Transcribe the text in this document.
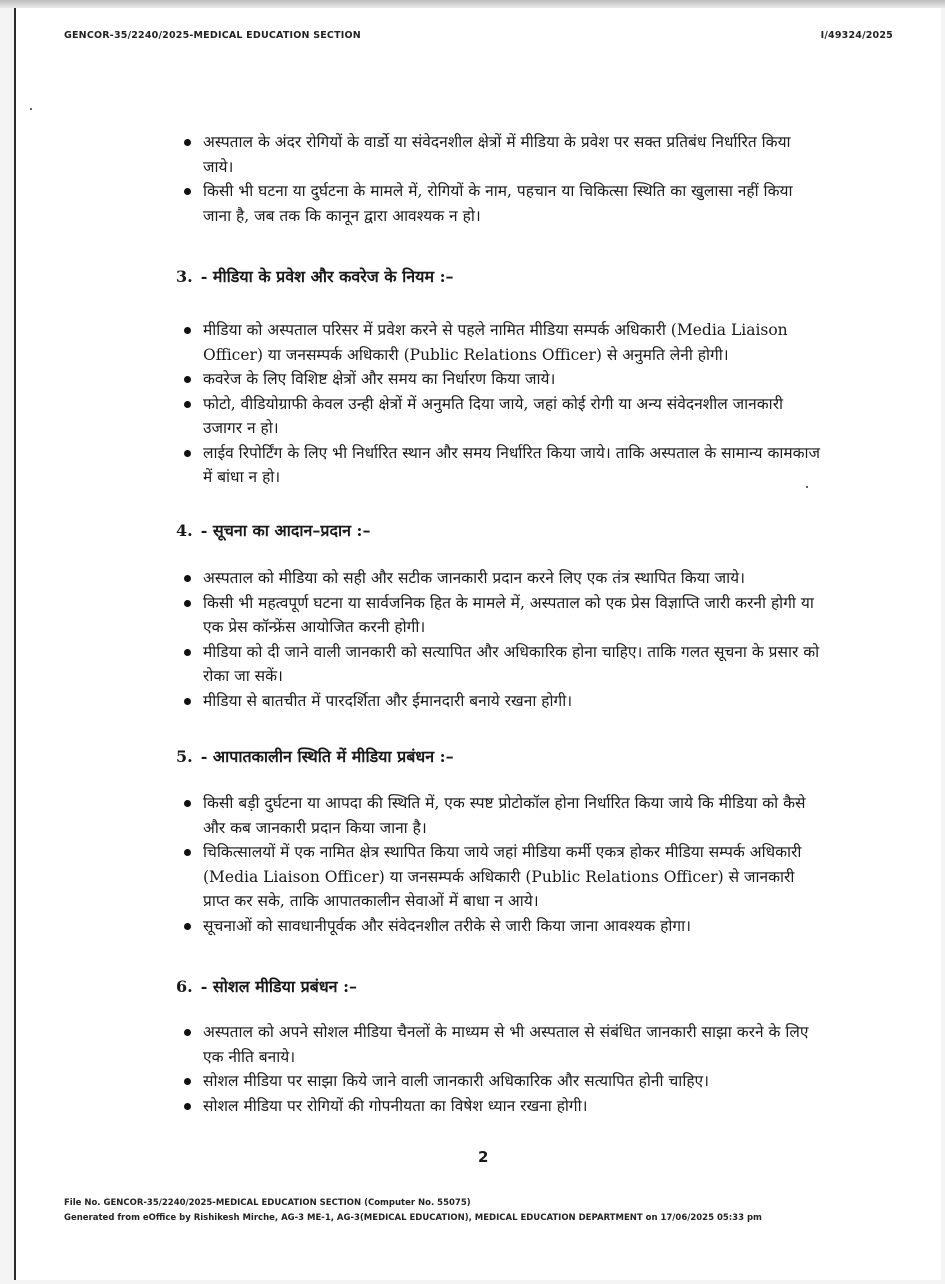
GENCOR-35/2240/2025-MEDICAL EDUCATION SECTION	I/49324/2025
अस्पताल के अंदर रोगियों के वार्डो या संवेदनशील क्षेत्रों में मीडिया के प्रवेश पर सक्त प्रतिबंध निर्धारित किया जाये।
किसी भी घटना या दुर्घटना के मामले में, रोगियों के नाम, पहचान या चिकित्सा स्थिति का खुलासा नहीं किया जाना है, जब तक कि कानून द्वारा आवश्यक न हो।
3. - मीडिया के प्रवेश और कवरेज के नियम :–
मीडिया को अस्पताल परिसर में प्रवेश करने से पहले नामित मीडिया सम्पर्क अधिकारी (Media Liaison Officer) या जनसम्पर्क अधिकारी (Public Relations Officer) से अनुमति लेनी होगी।
कवरेज के लिए विशिष्ट क्षेत्रों और समय का निर्धारण किया जाये।
फोटो, वीडियोग्राफी केवल उन्ही क्षेत्रों में अनुमति दिया जाये, जहां कोई रोगी या अन्य संवेदनशील जानकारी उजागर न हो।
लाईव रिपोर्टिंग के लिए भी निर्धारित स्थान और समय निर्धारित किया जाये। ताकि अस्पताल के सामान्य कामकाज में बांधा न हो।
4. - सूचना का आदान–प्रदान :–
अस्पताल को मीडिया को सही और सटीक जानकारी प्रदान करने लिए एक तंत्र स्थापित किया जाये।
किसी भी महत्वपूर्ण घटना या सार्वजनिक हित के मामले में, अस्पताल को एक प्रेस विज्ञाप्ति जारी करनी होगी या एक प्रेस कॉन्फ्रेंस आयोजित करनी होगी।
मीडिया को दी जाने वाली जानकारी को सत्यापित और अधिकारिक होना चाहिए। ताकि गलत सूचना के प्रसार को रोका जा सकें।
मीडिया से बातचीत में पारदर्शिता और ईमानदारी बनाये रखना होगी।
5. - आपातकालीन स्थिति में मीडिया प्रबंधन :–
किसी बड़ी दुर्घटना या आपदा की स्थिति में, एक स्पष्ट प्रोटोकॉल होना निर्धारित किया जाये कि मीडिया को कैसे और कब जानकारी प्रदान किया जाना है।
चिकित्सालयों में एक नामित क्षेत्र स्थापित किया जाये जहां मीडिया कर्मी एकत्र होकर मीडिया सम्पर्क अधिकारी (Media Liaison Officer) या जनसम्पर्क अधिकारी (Public Relations Officer) से जानकारी प्राप्त कर सके, ताकि आपातकालीन सेवाओं में बाधा न आये।
सूचनाओं को सावधानीपूर्वक और संवेदनशील तरीके से जारी किया जाना आवश्यक होगा।
6. - सोशल मीडिया प्रबंधन :–
अस्पताल को अपने सोशल मीडिया चैनलों के माध्यम से भी अस्पताल से संबंधित जानकारी साझा करने के लिए एक नीति बनाये।
सोशल मीडिया पर साझा किये जाने वाली जानकारी अधिकारिक और सत्यापित होनी चाहिए।
सोशल मीडिया पर रोगियों की गोपनीयता का विषेश ध्यान रखना होगी।
2
File No. GENCOR-35/2240/2025-MEDICAL EDUCATION SECTION (Computer No. 55075)
Generated from eOffice by Rishikesh Mirche, AG-3 ME-1, AG-3(MEDICAL EDUCATION), MEDICAL EDUCATION DEPARTMENT on 17/06/2025 05:33 pm
